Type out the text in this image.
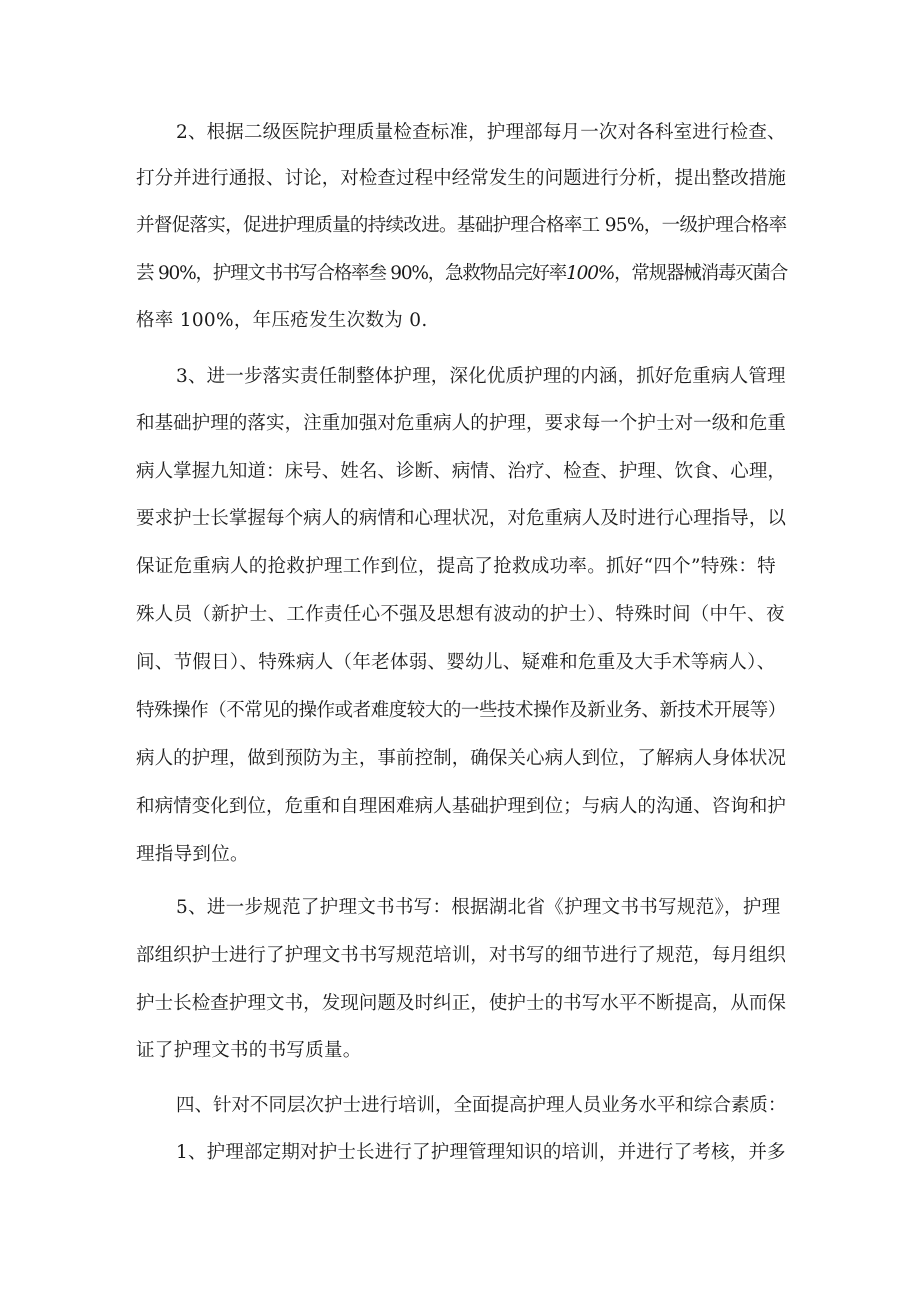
2、根据二级医院护理质量检查标准，护理部每月一次对各科室进行检查、
打分并进行通报、讨论，对检查过程中经常发生的问题进行分析，提出整改措施
并督促落实，促进护理质量的持续改进。基础护理合格率工 95%，一级护理合格率
芸 90%，护理文书书写合格率叁 90%，急救物品完好率100%，常规器械消毒灭菌合
格率 100%，年压疮发生次数为 0.
3、进一步落实责任制整体护理，深化优质护理的内涵，抓好危重病人管理
和基础护理的落实，注重加强对危重病人的护理，要求每一个护士对一级和危重
病人掌握九知道：床号、姓名、诊断、病情、治疗、检查、护理、饮食、心理，
要求护士长掌握每个病人的病情和心理状况，对危重病人及时进行心理指导，以
保证危重病人的抢救护理工作到位，提高了抢救成功率。抓好“四个”特殊：特
殊人员（新护士、工作责任心不强及思想有波动的护士）、特殊时间（中午、夜
间、节假日）、特殊病人（年老体弱、婴幼儿、疑难和危重及大手术等病人）、
特殊操作（不常见的操作或者难度较大的一些技术操作及新业务、新技术开展等）
病人的护理，做到预防为主，事前控制，确保关心病人到位，了解病人身体状况
和病情变化到位，危重和自理困难病人基础护理到位；与病人的沟通、咨询和护
理指导到位。
5、进一步规范了护理文书书写：根据湖北省《护理文书书写规范》，护理
部组织护士进行了护理文书书写规范培训，对书写的细节进行了规范，每月组织
护士长检查护理文书，发现问题及时纠正，使护士的书写水平不断提高，从而保
证了护理文书的书写质量。
四、针对不同层次护士进行培训，全面提高护理人员业务水平和综合素质：
1、护理部定期对护士长进行了护理管理知识的培训，并进行了考核，并多
